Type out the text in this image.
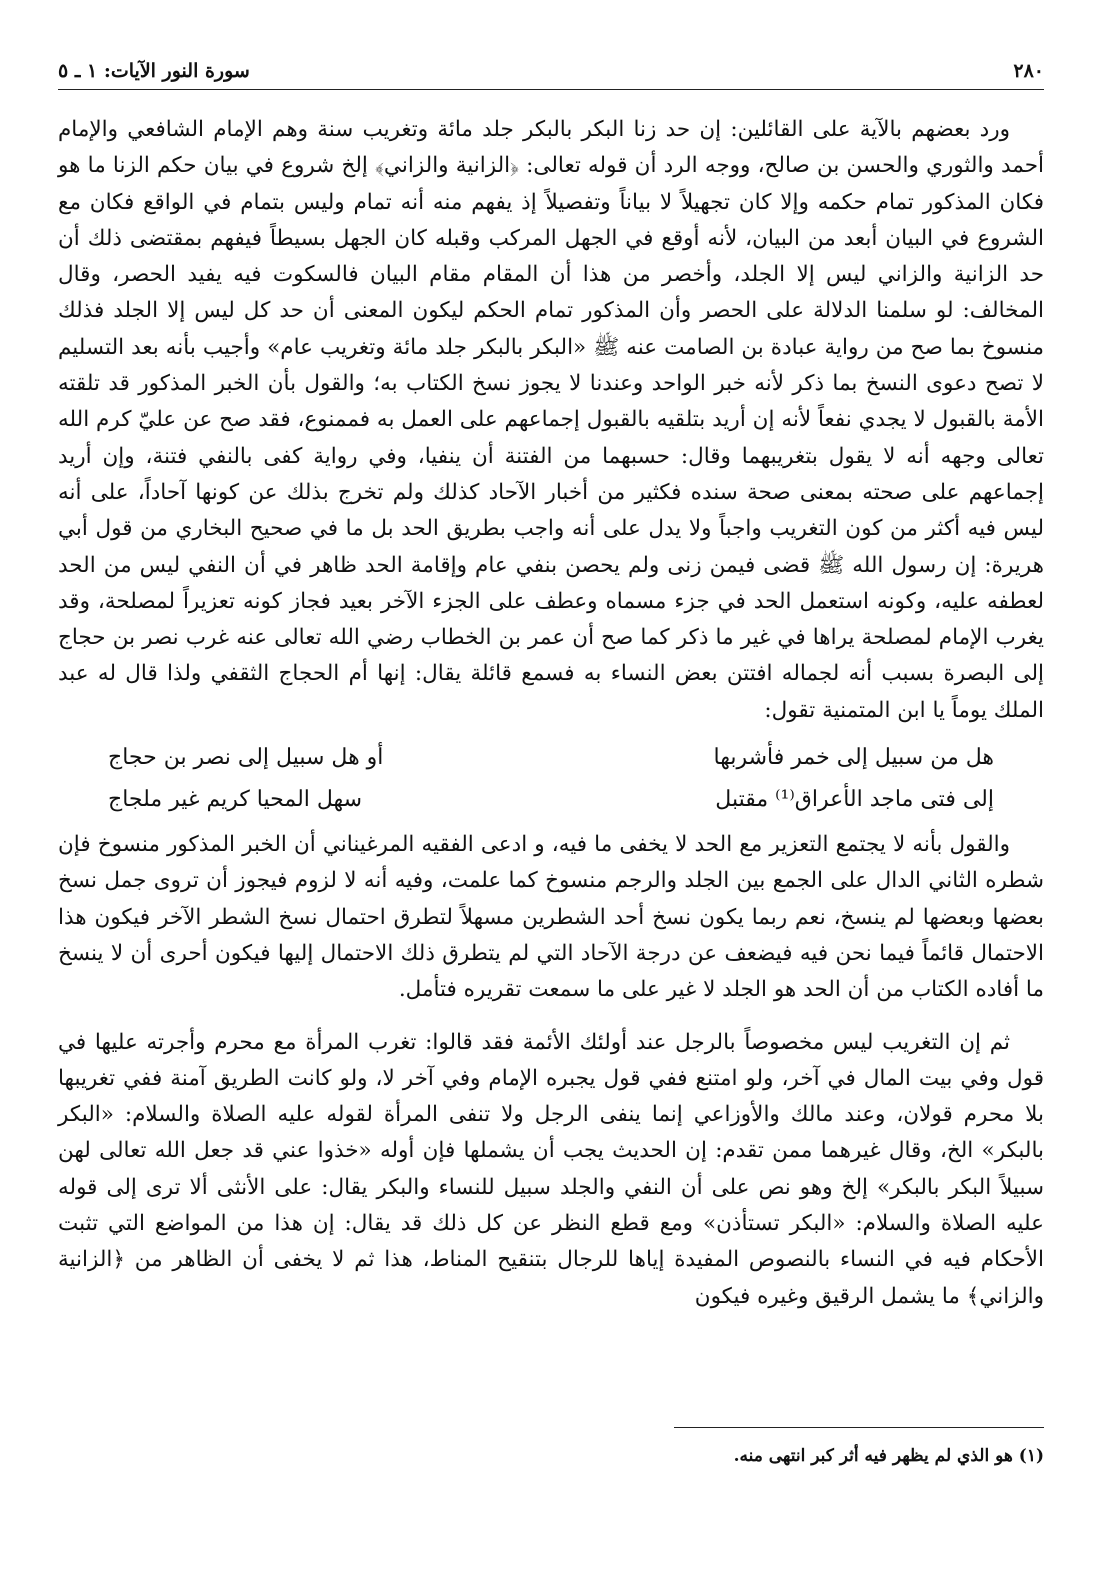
٢٨٠
سورة النور الآيات: ١ ـ ٥

ورد بعضهم بالآية على القائلين: إن حد زنا البكر بالبكر جلد مائة وتغريب سنة وهم الإمام الشافعي والإمام أحمد والثوري والحسن بن صالح، ووجه الرد أن قوله تعالى: ﴿الزانية والزاني﴾ إلخ شروع في بيان حكم الزنا ما هو فكان المذكور تمام حكمه وإلا كان تجهيلاً لا بياناً وتفصيلاً إذ يفهم منه أنه تمام وليس بتمام في الواقع فكان مع الشروع في البيان أبعد من البيان، لأنه أوقع في الجهل المركب وقبله كان الجهل بسيطاً فيفهم بمقتضى ذلك أن حد الزانية والزاني ليس إلا الجلد، وأخصر من هذا أن المقام مقام البيان فالسكوت فيه يفيد الحصر، وقال المخالف: لو سلمنا الدلالة على الحصر وأن المذكور تمام الحكم ليكون المعنى أن حد كل ليس إلا الجلد فذلك منسوخ بما صح من رواية عبادة بن الصامت عنه ﷺ «البكر بالبكر جلد مائة وتغريب عام» وأجيب بأنه بعد التسليم لا تصح دعوى النسخ بما ذكر لأنه خبر الواحد وعندنا لا يجوز نسخ الكتاب به؛ والقول بأن الخبر المذكور قد تلقته الأمة بالقبول لا يجدي نفعاً لأنه إن أريد بتلقيه بالقبول إجماعهم على العمل به فممنوع، فقد صح عن عليّ كرم الله تعالى وجهه أنه لا يقول بتغريبهما وقال: حسبهما من الفتنة أن ينفيا، وفي رواية كفى بالنفي فتنة، وإن أريد إجماعهم على صحته بمعنى صحة سنده فكثير من أخبار الآحاد كذلك ولم تخرج بذلك عن كونها آحاداً، على أنه ليس فيه أكثر من كون التغريب واجباً ولا يدل على أنه واجب بطريق الحد بل ما في صحيح البخاري من قول أبي هريرة: إن رسول الله ﷺ قضى فيمن زنى ولم يحصن بنفي عام وإقامة الحد ظاهر في أن النفي ليس من الحد لعطفه عليه، وكونه استعمل الحد في جزء مسماه وعطف على الجزء الآخر بعيد فجاز كونه تعزيراً لمصلحة، وقد يغرب الإمام لمصلحة يراها في غير ما ذكر كما صح أن عمر بن الخطاب رضي الله تعالى عنه غرب نصر بن حجاج إلى البصرة بسبب أنه لجماله افتتن بعض النساء به فسمع قائلة يقال: إنها أم الحجاج الثقفي ولذا قال له عبد الملك يوماً يا ابن المتمنية تقول:

هل من سبيل إلى خمر فأشربها
أو هل سبيل إلى نصر بن حجاج
إلى فتى ماجد الأعراق⁽¹⁾ مقتبل
سهل المحيا كريم غير ملجاج

والقول بأنه لا يجتمع التعزير مع الحد لا يخفى ما فيه، و ادعى الفقيه المرغيناني أن الخبر المذكور منسوخ فإن شطره الثاني الدال على الجمع بين الجلد والرجم منسوخ كما علمت، وفيه أنه لا لزوم فيجوز أن تروى جمل نسخ بعضها وبعضها لم ينسخ، نعم ربما يكون نسخ أحد الشطرين مسهلاً لتطرق احتمال نسخ الشطر الآخر فيكون هذا الاحتمال قائماً فيما نحن فيه فيضعف عن درجة الآحاد التي لم يتطرق ذلك الاحتمال إليها فيكون أحرى أن لا ينسخ ما أفاده الكتاب من أن الحد هو الجلد لا غير على ما سمعت تقريره فتأمل.

ثم إن التغريب ليس مخصوصاً بالرجل عند أولئك الأئمة فقد قالوا: تغرب المرأة مع محرم وأجرته عليها في قول وفي بيت المال في آخر، ولو امتنع ففي قول يجبره الإمام وفي آخر لا، ولو كانت الطريق آمنة ففي تغريبها بلا محرم قولان، وعند مالك والأوزاعي إنما ينفى الرجل ولا تنفى المرأة لقوله عليه الصلاة والسلام: «البكر بالبكر» الخ، وقال غيرهما ممن تقدم: إن الحديث يجب أن يشملها فإن أوله «خذوا عني قد جعل الله تعالى لهن سبيلاً البكر بالبكر» إلخ وهو نص على أن النفي والجلد سبيل للنساء والبكر يقال: على الأنثى ألا ترى إلى قوله عليه الصلاة والسلام: «البكر تستأذن» ومع قطع النظر عن كل ذلك قد يقال: إن هذا من المواضع التي تثبت الأحكام فيه في النساء بالنصوص المفيدة إياها للرجال بتنقيح المناط، هذا ثم لا يخفى أن الظاهر من ﴿الزانية والزاني﴾ ما يشمل الرقيق وغيره فيكون

(١) هو الذي لم يظهر فيه أثر كبر انتهى منه.
